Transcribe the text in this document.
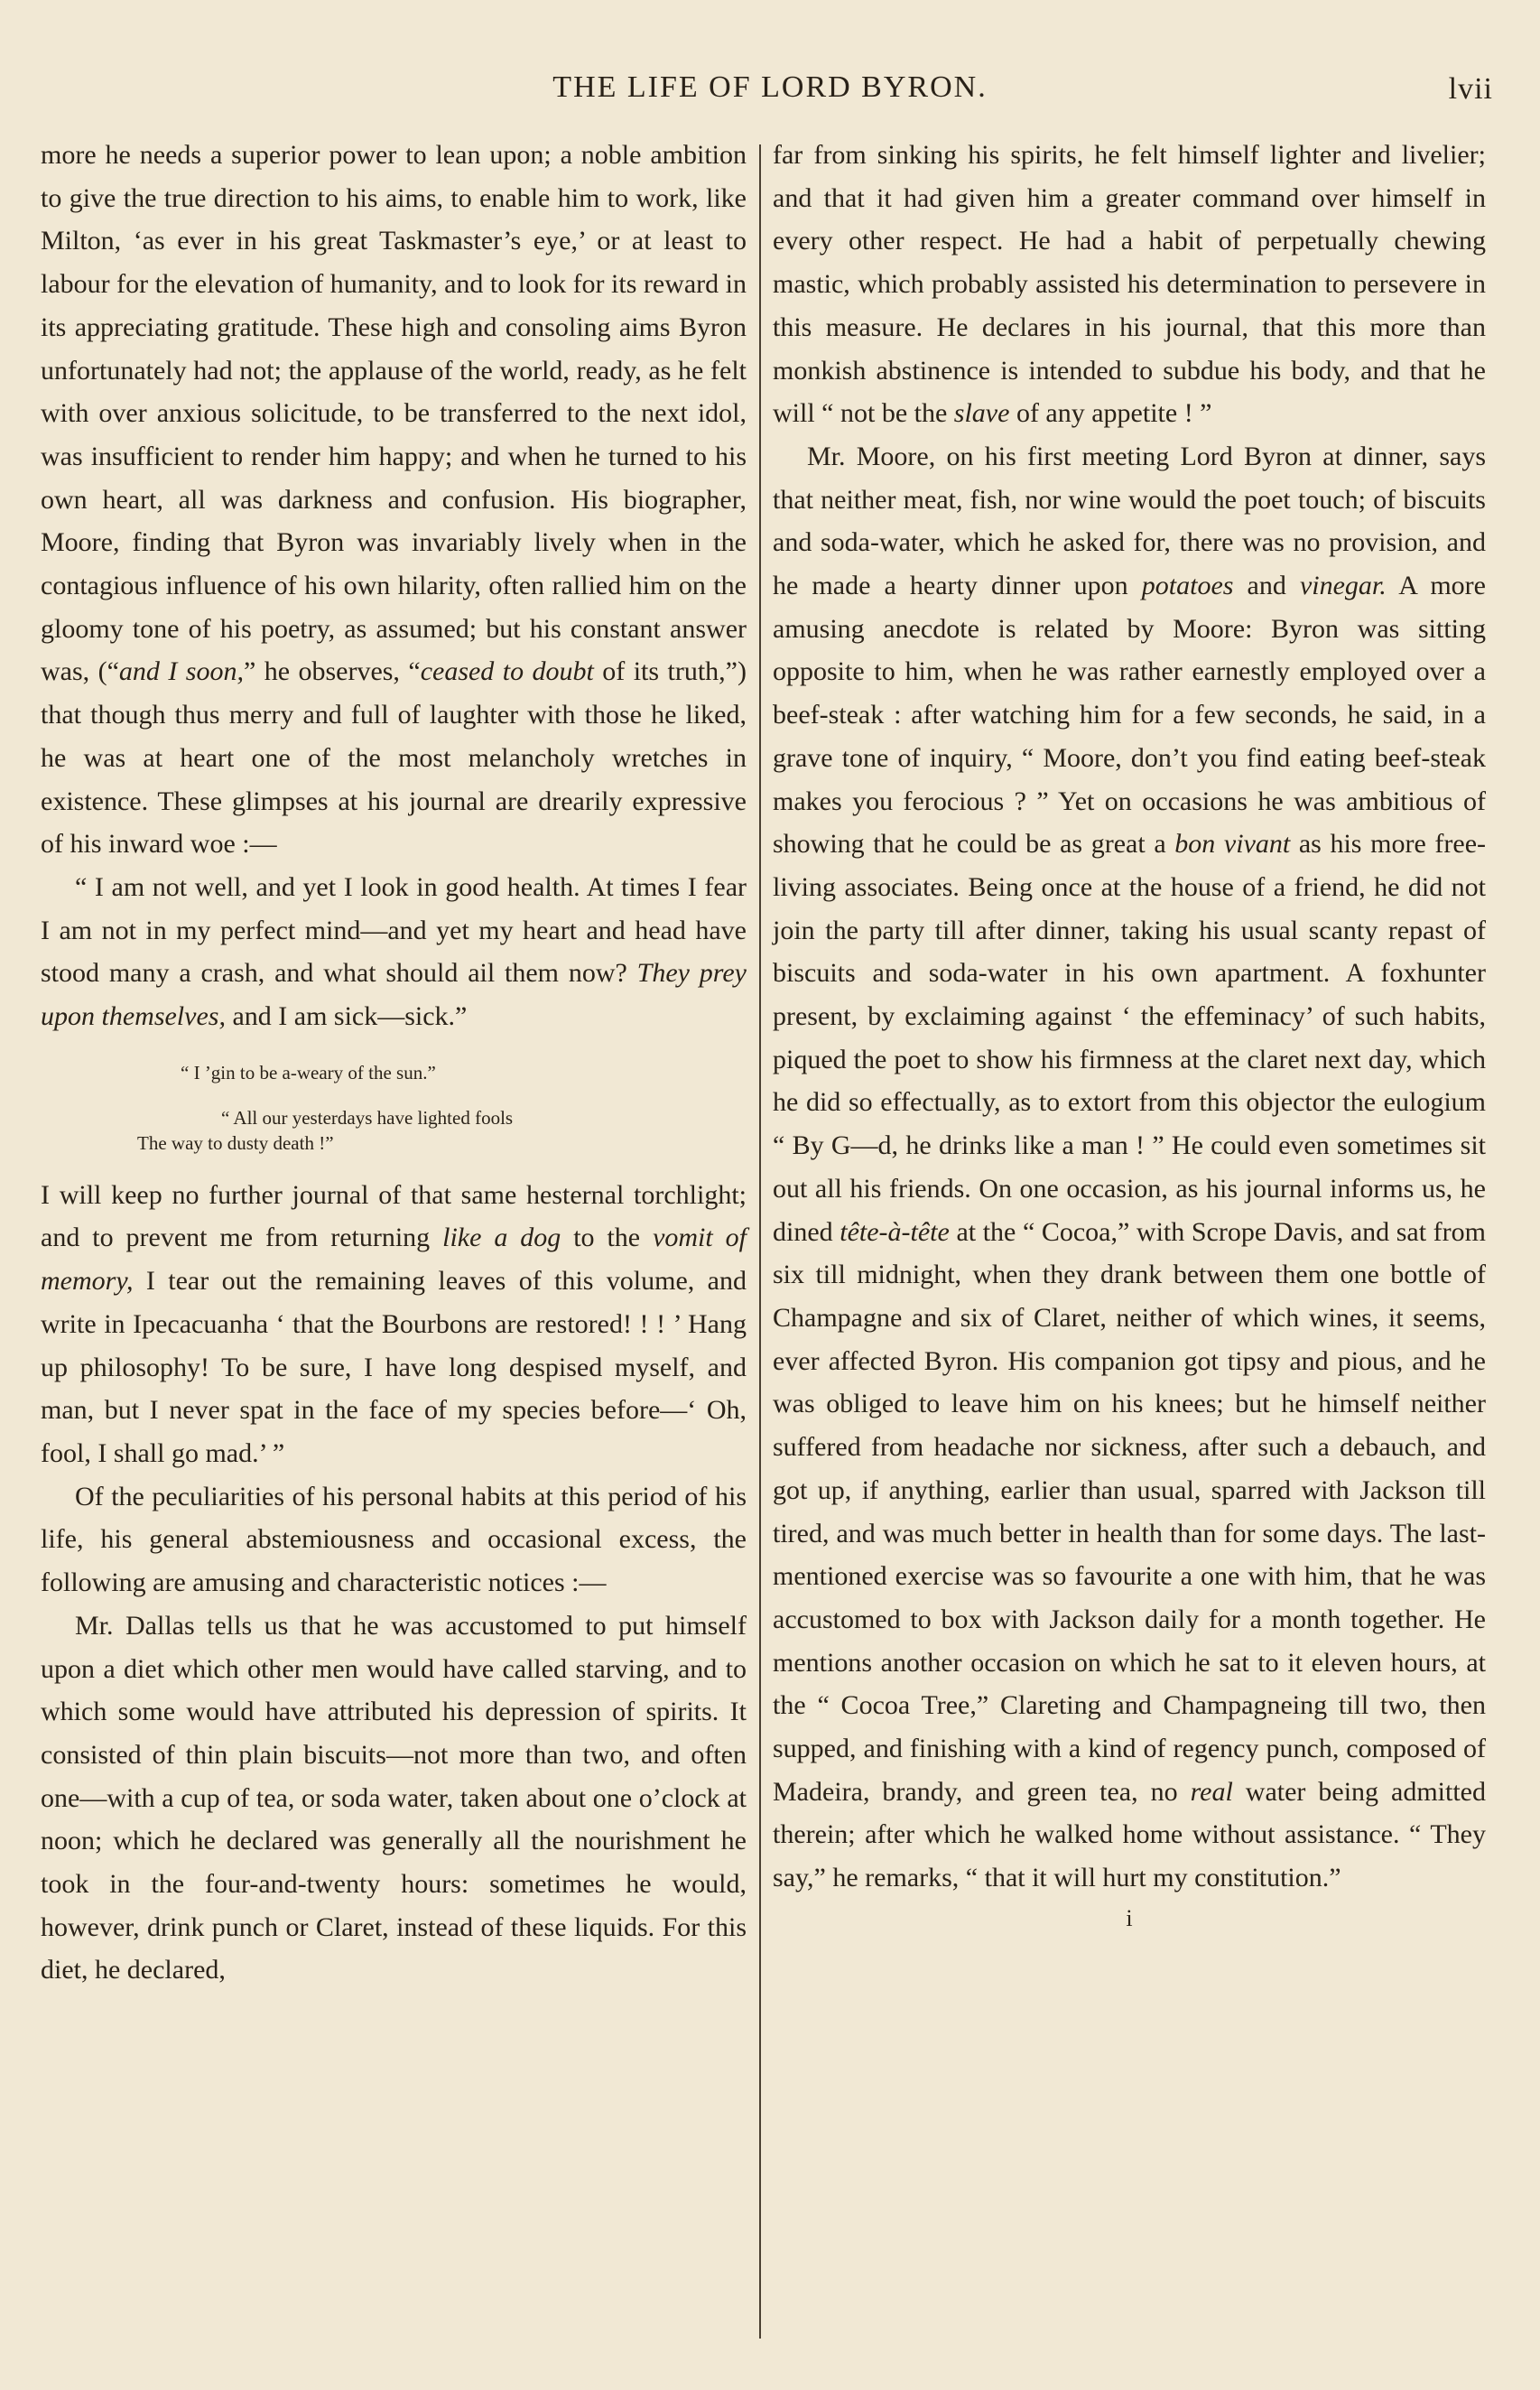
THE LIFE OF LORD BYRON.	lvii

more he needs a superior power to lean upon; a noble ambition to give the true direction to his aims, to enable him to work, like Milton, ‘as ever in his great Taskmaster’s eye,’ or at least to labour for the elevation of humanity, and to look for its reward in its appreciating gratitude. These high and consoling aims Byron unfortunately had not; the applause of the world, ready, as he felt with over anxious solicitude, to be transferred to the next idol, was insufficient to render him happy; and when he turned to his own heart, all was darkness and confusion. His biographer, Moore, finding that Byron was invariably lively when in the contagious influence of his own hilarity, often rallied him on the gloomy tone of his poetry, as assumed; but his constant answer was, (“and I soon,” he observes, “ceased to doubt of its truth,”) that though thus merry and full of laughter with those he liked, he was at heart one of the most melancholy wretches in existence. These glimpses at his journal are drearily expressive of his inward woe :—

“ I am not well, and yet I look in good health. At times I fear I am not in my perfect mind—and yet my heart and head have stood many a crash, and what should ail them now? They prey upon themselves, and I am sick—sick.”

“ I ’gin to be a-weary of the sun.”
“ All our yesterdays have lighted fools
The way to dusty death !”

I will keep no further journal of that same hesternal torchlight; and to prevent me from returning like a dog to the vomit of memory, I tear out the remaining leaves of this volume, and write in Ipecacuanha ‘ that the Bourbons are restored! ! ! ’ Hang up philosophy! To be sure, I have long despised myself, and man, but I never spat in the face of my species before—‘ Oh, fool, I shall go mad.’ ”

Of the peculiarities of his personal habits at this period of his life, his general abstemiousness and occasional excess, the following are amusing and characteristic notices :—

Mr. Dallas tells us that he was accustomed to put himself upon a diet which other men would have called starving, and to which some would have attributed his depression of spirits. It consisted of thin plain biscuits—not more than two, and often one—with a cup of tea, or soda water, taken about one o’clock at noon; which he declared was generally all the nourishment he took in the four-and-twenty hours: sometimes he would, however, drink punch or Claret, instead of these liquids. For this diet, he declared,

far from sinking his spirits, he felt himself lighter and livelier; and that it had given him a greater command over himself in every other respect. He had a habit of perpetually chewing mastic, which probably assisted his determination to persevere in this measure. He declares in his journal, that this more than monkish abstinence is intended to subdue his body, and that he will “ not be the slave of any appetite ! ”

Mr. Moore, on his first meeting Lord Byron at dinner, says that neither meat, fish, nor wine would the poet touch; of biscuits and soda-water, which he asked for, there was no provision, and he made a hearty dinner upon potatoes and vinegar. A more amusing anecdote is related by Moore: Byron was sitting opposite to him, when he was rather earnestly employed over a beef-steak : after watching him for a few seconds, he said, in a grave tone of inquiry, “ Moore, don’t you find eating beef-steak makes you ferocious ? ” Yet on occasions he was ambitious of showing that he could be as great a bon vivant as his more free-living associates. Being once at the house of a friend, he did not join the party till after dinner, taking his usual scanty repast of biscuits and soda-water in his own apartment. A foxhunter present, by exclaiming against ‘ the effeminacy’ of such habits, piqued the poet to show his firmness at the claret next day, which he did so effectually, as to extort from this objector the eulogium “ By G—d, he drinks like a man ! ” He could even sometimes sit out all his friends. On one occasion, as his journal informs us, he dined tête-à-tête at the “ Cocoa,” with Scrope Davis, and sat from six till midnight, when they drank between them one bottle of Champagne and six of Claret, neither of which wines, it seems, ever affected Byron. His companion got tipsy and pious, and he was obliged to leave him on his knees; but he himself neither suffered from headache nor sickness, after such a debauch, and got up, if anything, earlier than usual, sparred with Jackson till tired, and was much better in health than for some days. The last-mentioned exercise was so favourite a one with him, that he was accustomed to box with Jackson daily for a month together. He mentions another occasion on which he sat to it eleven hours, at the “ Cocoa Tree,” Clareting and Champagneing till two, then supped, and finishing with a kind of regency punch, composed of Madeira, brandy, and green tea, no real water being admitted therein; after which he walked home without assistance. “ They say,” he remarks, “ that it will hurt my constitution.”

i
